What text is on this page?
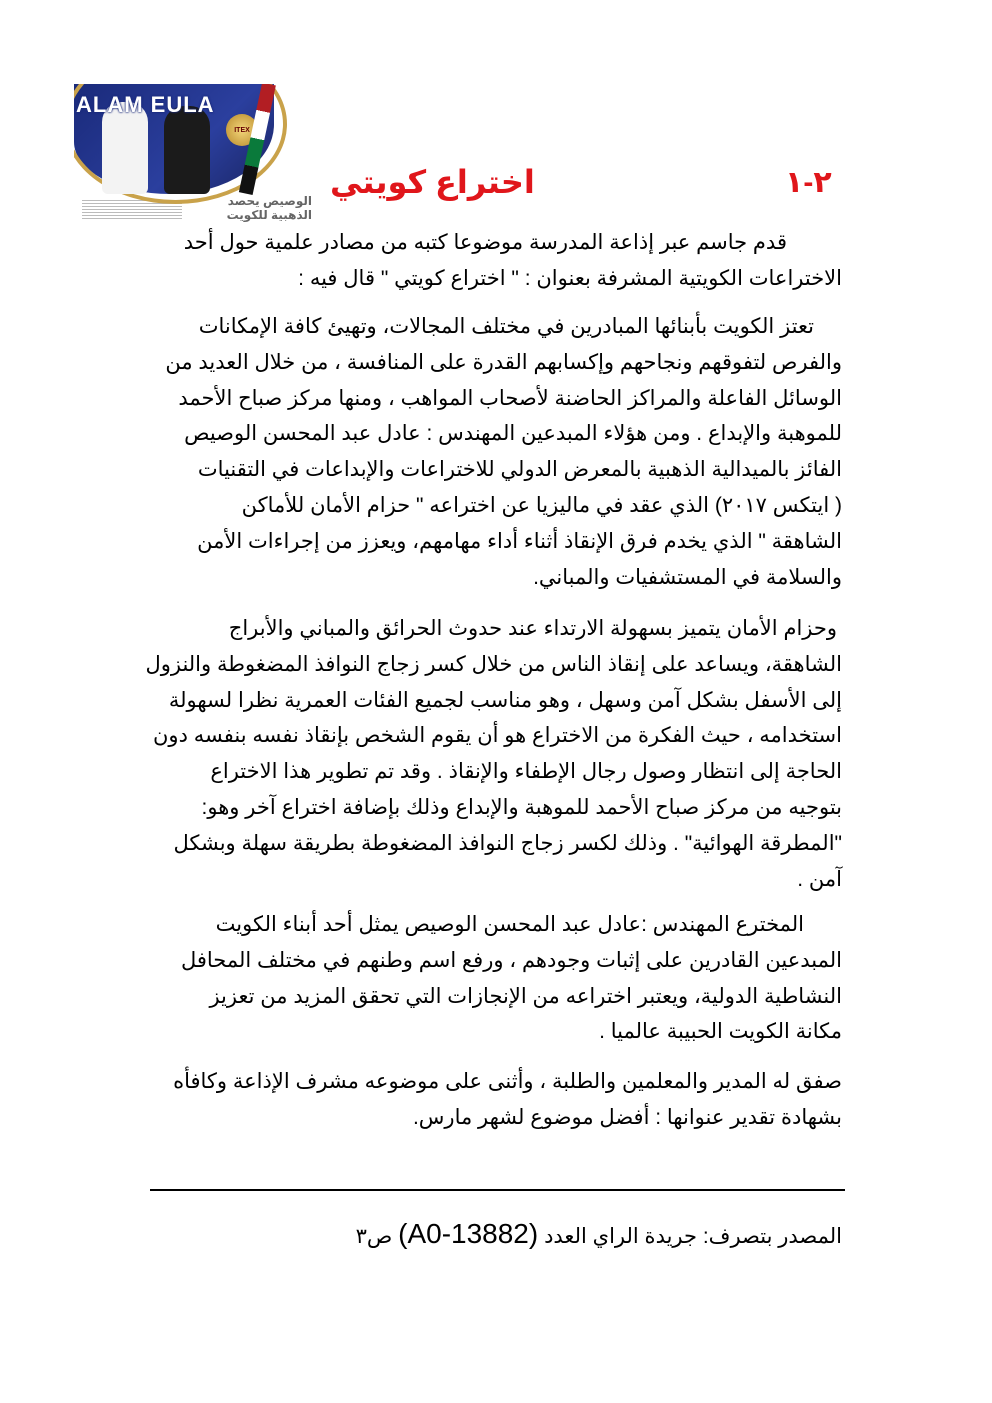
ALAM EULA
ITEX
الوصيص يحصد
الذهبية للكويت
٢-١
اختراع كويتي
قدم جاسم عبر إذاعة المدرسة موضوعا كتبه من مصادر علمية حول أحد
الاختراعات الكويتية المشرفة بعنوان : " اختراع كويتي " قال فيه :
تعتز الكويت بأبنائها المبادرين في مختلف المجالات، وتهيئ كافة الإمكانات
والفرص لتفوقهم ونجاحهم وإكسابهم القدرة على المنافسة ، من خلال العديد من
الوسائل الفاعلة والمراكز الحاضنة لأصحاب المواهب ، ومنها مركز صباح الأحمد
للموهبة والإبداع . ومن هؤلاء المبدعين المهندس : عادل عبد المحسن الوصيص
الفائز بالميدالية الذهبية بالمعرض الدولي للاختراعات والإبداعات في التقنيات
( ايتكس ٢٠١٧) الذي عقد في ماليزيا عن اختراعه " حزام الأمان للأماكن
الشاهقة " الذي يخدم فرق الإنقاذ أثناء أداء مهامهم، ويعزز من إجراءات الأمن
والسلامة في المستشفيات والمباني.
وحزام الأمان يتميز بسهولة الارتداء عند حدوث الحرائق والمباني والأبراج
الشاهقة، ويساعد على إنقاذ الناس من خلال كسر زجاج النوافذ المضغوطة والنزول
إلى الأسفل بشكل آمن وسهل ، وهو مناسب لجميع الفئات العمرية نظرا لسهولة
استخدامه ، حيث الفكرة من الاختراع هو أن يقوم الشخص بإنقاذ نفسه بنفسه دون
الحاجة إلى انتظار وصول رجال الإطفاء والإنقاذ . وقد تم تطوير هذا الاختراع
بتوجيه من مركز صباح الأحمد للموهبة والإبداع وذلك بإضافة اختراع آخر وهو:
"المطرقة الهوائية" . وذلك لكسر زجاج النوافذ المضغوطة بطريقة سهلة وبشكل
آمن .
المخترع المهندس :عادل عبد المحسن الوصيص يمثل أحد أبناء الكويت
المبدعين القادرين على إثبات وجودهم ، ورفع اسم وطنهم في مختلف المحافل
النشاطية الدولية، ويعتبر اختراعه من الإنجازات التي تحقق المزيد من تعزيز
مكانة الكويت الحبيبة عالميا .
صفق له المدير والمعلمين والطلبة ، وأثنى على موضوعه مشرف الإذاعة وكافأه
بشهادة تقدير عنوانها : أفضل موضوع لشهر مارس.
المصدر بتصرف: جريدة الراي العدد (A0-13882) ص٣
